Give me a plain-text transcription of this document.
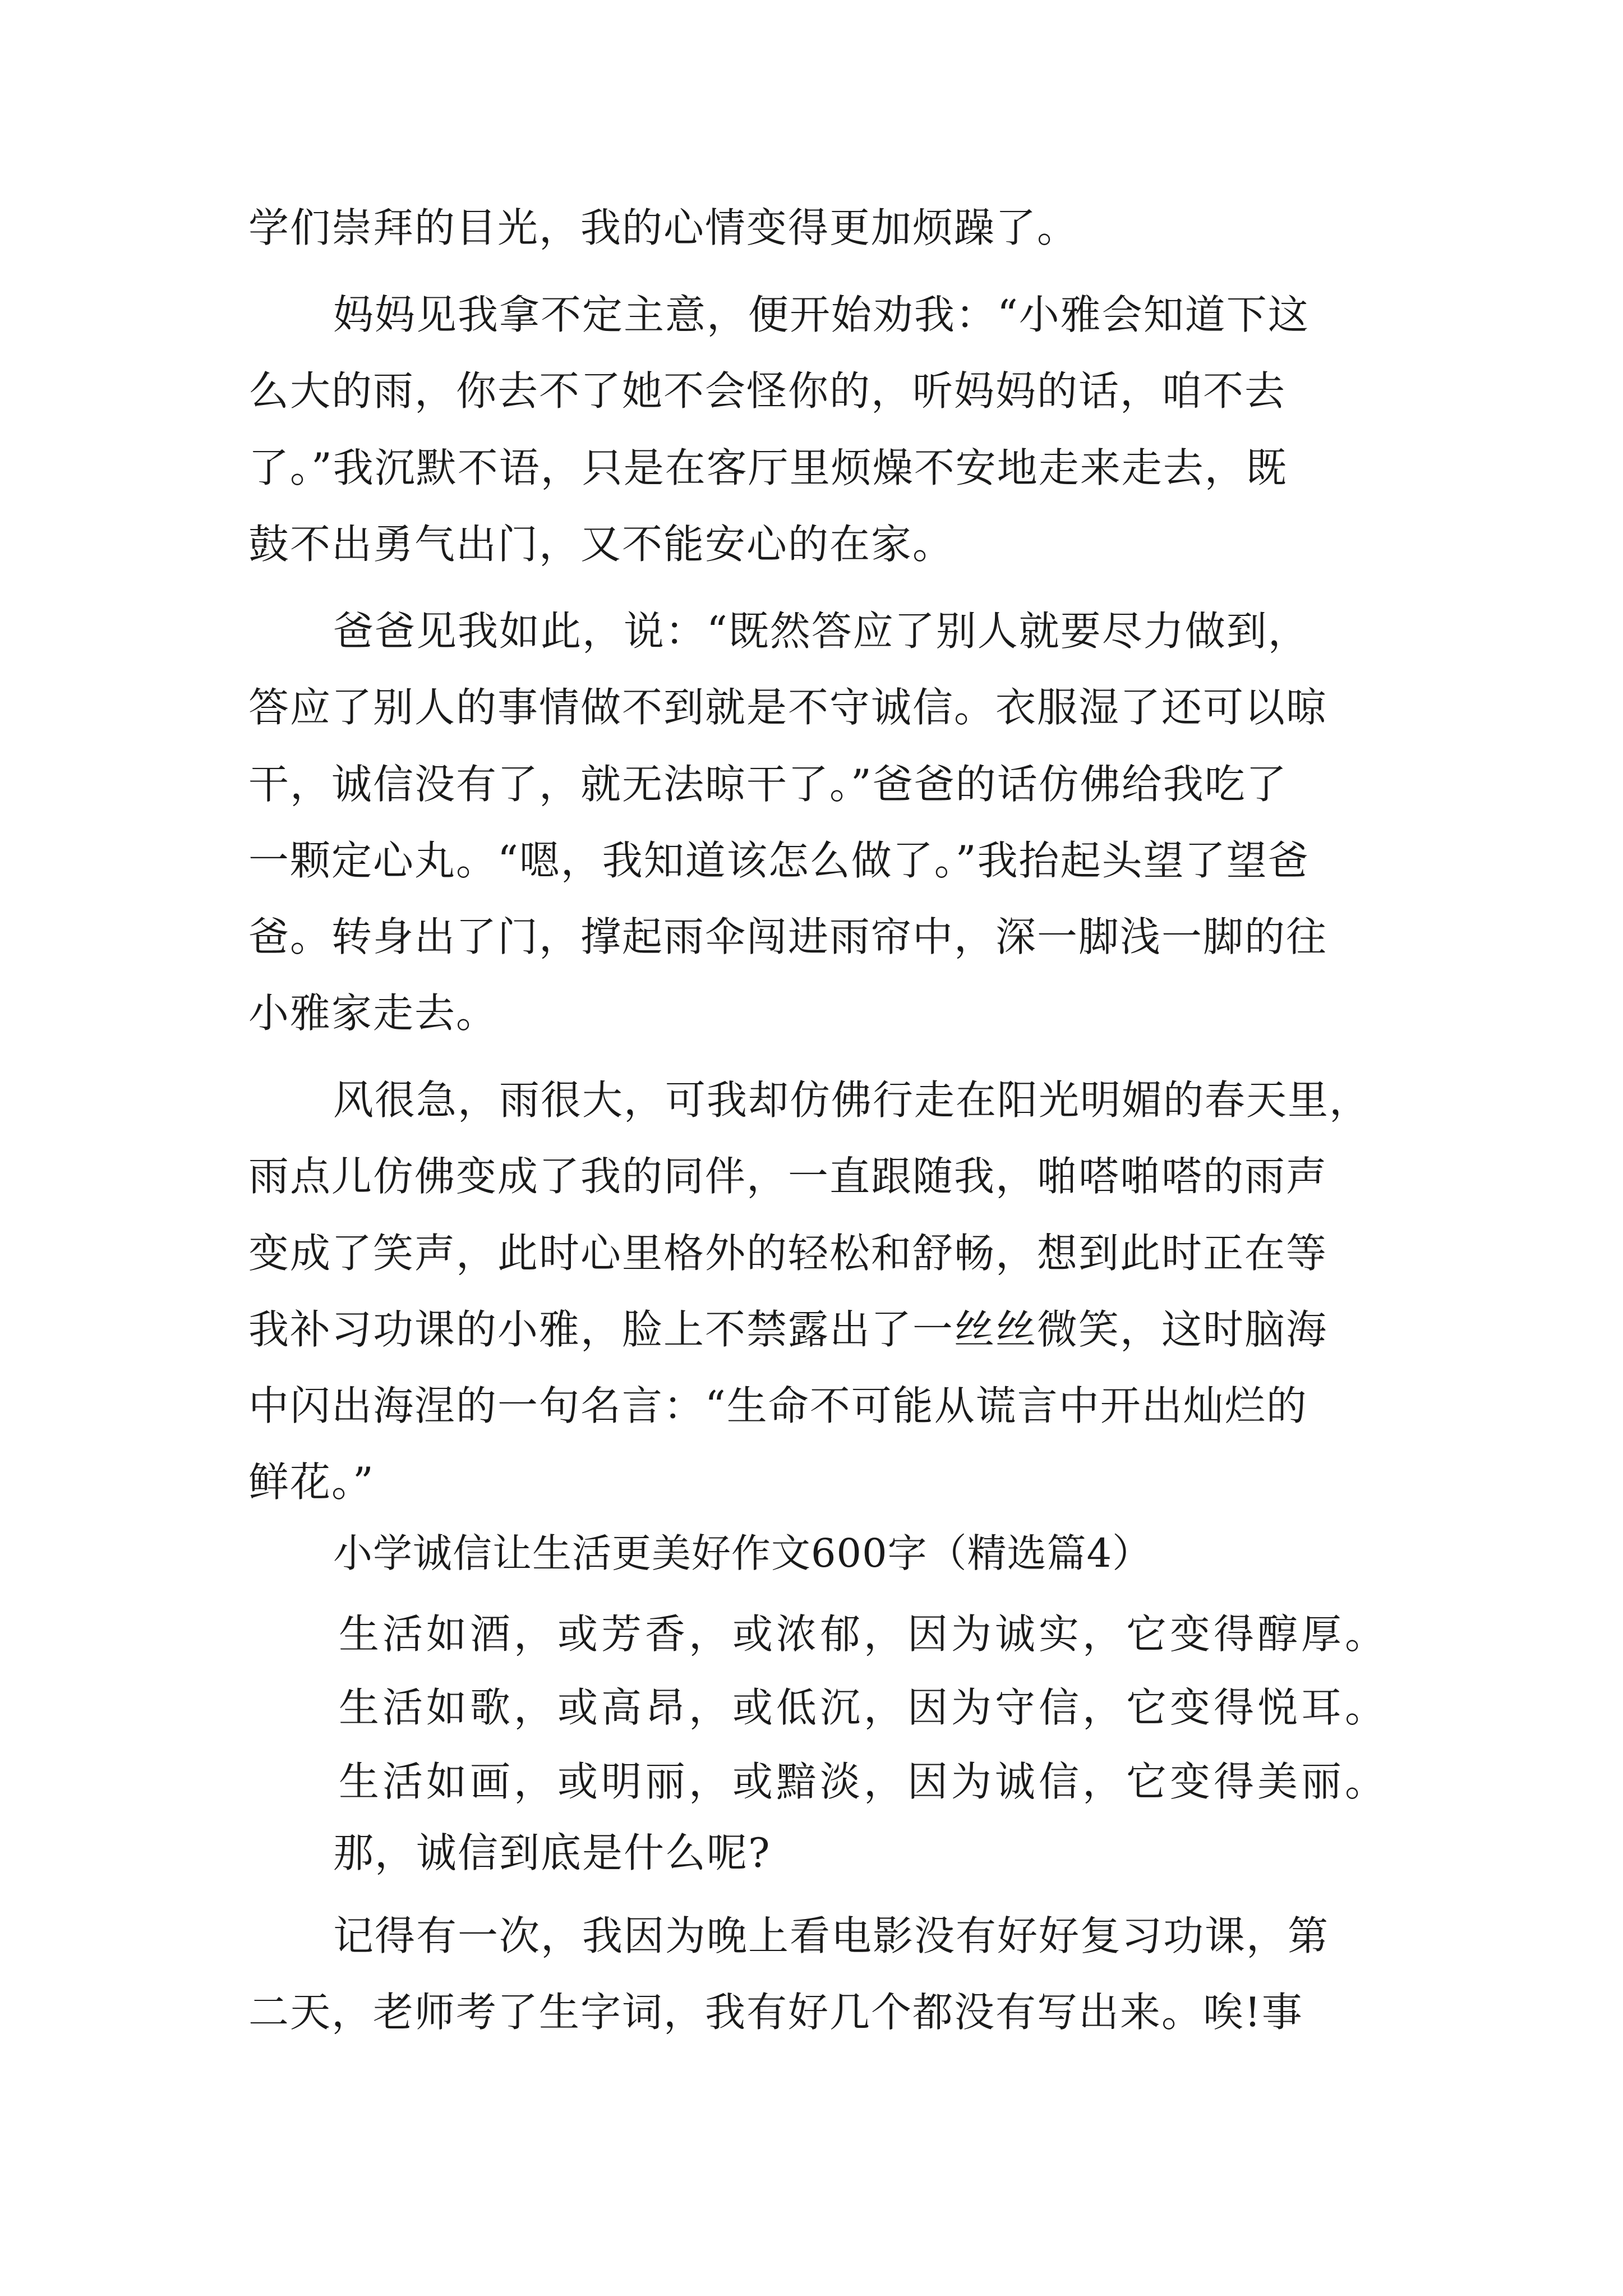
学们崇拜的目光，我的心情变得更加烦躁了。
妈妈见我拿不定主意，便开始劝我：“小雅会知道下这
么大的雨，你去不了她不会怪你的，听妈妈的话，咱不去
了。”我沉默不语，只是在客厅里烦燥不安地走来走去，既
鼓不出勇气出门，又不能安心的在家。
爸爸见我如此，说：“既然答应了别人就要尽力做到，
答应了别人的事情做不到就是不守诚信。衣服湿了还可以晾
干，诚信没有了，就无法晾干了。”爸爸的话仿佛给我吃了
一颗定心丸。“嗯，我知道该怎么做了。”我抬起头望了望爸
爸。转身出了门，撑起雨伞闯进雨帘中，深一脚浅一脚的往
小雅家走去。
风很急，雨很大，可我却仿佛行走在阳光明媚的春天里，
雨点儿仿佛变成了我的同伴，一直跟随我，啪嗒啪嗒的雨声
变成了笑声，此时心里格外的轻松和舒畅，想到此时正在等
我补习功课的小雅，脸上不禁露出了一丝丝微笑，这时脑海
中闪出海涅的一句名言：“生命不可能从谎言中开出灿烂的
鲜花。”
小学诚信让生活更美好作文600字（精选篇4）
生活如酒，或芳香，或浓郁，因为诚实，它变得醇厚。
生活如歌，或高昂，或低沉，因为守信，它变得悦耳。
生活如画，或明丽，或黯淡，因为诚信，它变得美丽。
那，诚信到底是什么呢?
记得有一次，我因为晚上看电影没有好好复习功课，第
二天，老师考了生字词，我有好几个都没有写出来。唉!事
